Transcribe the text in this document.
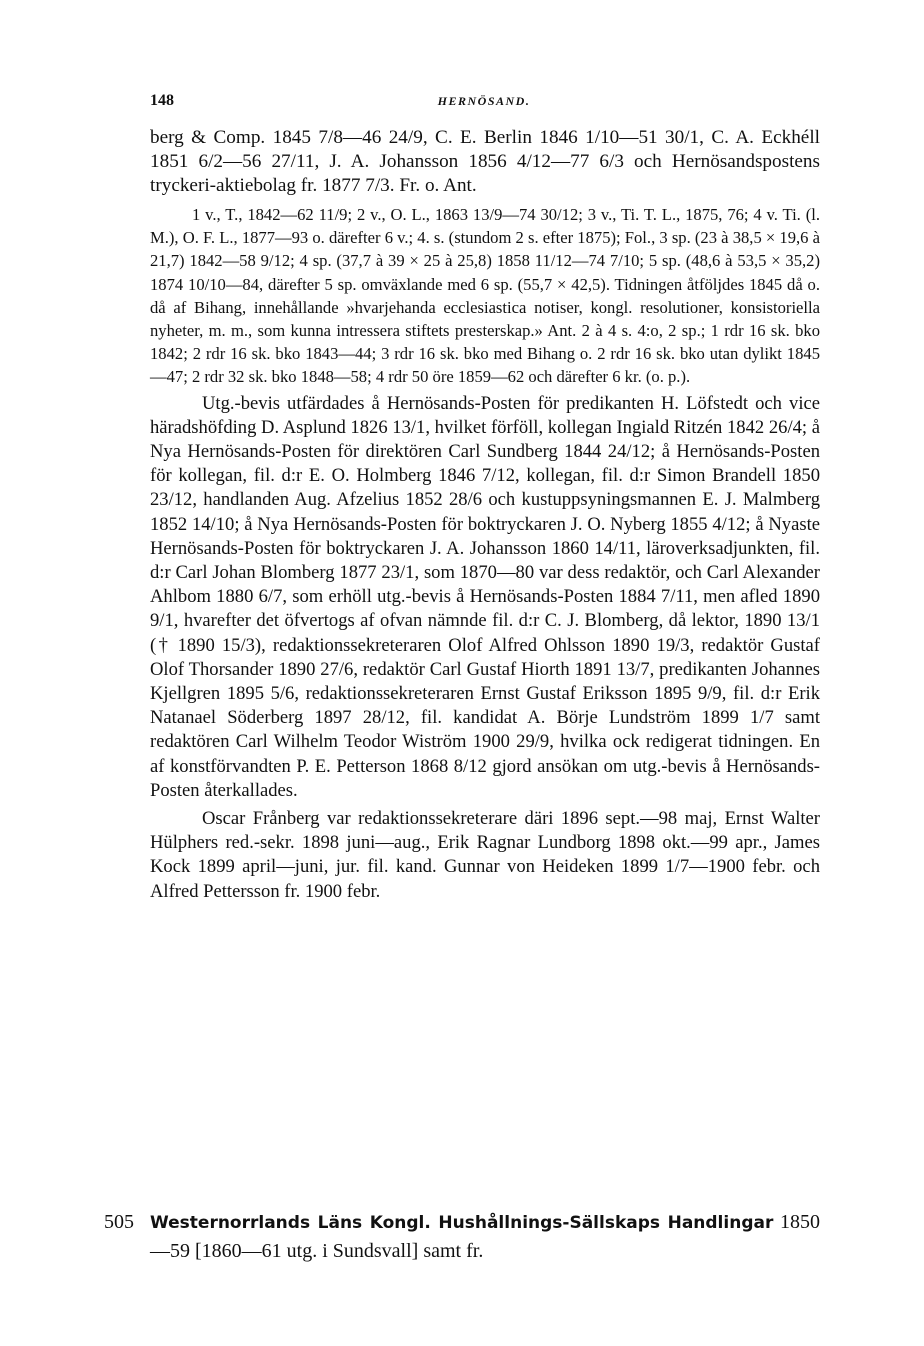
148	HERNÖSAND.

berg & Comp. 1845 7/8—46 24/9, C. E. Berlin 1846 1/10—51 30/1, C. A. Eckhéll 1851 6/2—56 27/11, J. A. Johansson 1856 4/12—77 6/3 och Hernösandspostens tryckeri-aktiebolag fr. 1877 7/3. Fr. o. Ant.

1 v., T., 1842—62 11/9; 2 v., O. L., 1863 13/9—74 30/12; 3 v., Ti. T. L., 1875, 76; 4 v. Ti. (l. M.), O. F. L., 1877—93 o. därefter 6 v.; 4. s. (stundom 2 s. efter 1875); Fol., 3 sp. (23 à 38,5 × 19,6 à 21,7) 1842—58 9/12; 4 sp. (37,7 à 39 × 25 à 25,8) 1858 11/12—74 7/10; 5 sp. (48,6 à 53,5 × 35,2) 1874 10/10—84, därefter 5 sp. omväxlande med 6 sp. (55,7 × 42,5). Tidningen åtföljdes 1845 då o. då af Bihang, innehållande »hvarjehanda ecclesiastica notiser, kongl. resolutioner, konsistoriella nyheter, m. m., som kunna intressera stiftets presterskap.» Ant. 2 à 4 s. 4:o, 2 sp.; 1 rdr 16 sk. bko 1842; 2 rdr 16 sk. bko 1843—44; 3 rdr 16 sk. bko med Bihang o. 2 rdr 16 sk. bko utan dylikt 1845—47; 2 rdr 32 sk. bko 1848—58; 4 rdr 50 öre 1859—62 och därefter 6 kr. (o. p.).

Utg.-bevis utfärdades å Hernösands-Posten för predikanten H. Löfstedt och vice häradshöfding D. Asplund 1826 13/1, hvilket förföll, kollegan Ingiald Ritzén 1842 26/4; å Nya Hernösands-Posten för direktören Carl Sundberg 1844 24/12; å Hernösands-Posten för kollegan, fil. d:r E. O. Holmberg 1846 7/12, kollegan, fil. d:r Simon Brandell 1850 23/12, handlanden Aug. Afzelius 1852 28/6 och kustuppsyningsmannen E. J. Malmberg 1852 14/10; å Nya Hernösands-Posten för boktryckaren J. O. Nyberg 1855 4/12; å Nyaste Hernösands-Posten för boktryckaren J. A. Johansson 1860 14/11, läroverksadjunkten, fil. d:r Carl Johan Blomberg 1877 23/1, som 1870—80 var dess redaktör, och Carl Alexander Ahlbom 1880 6/7, som erhöll utg.-bevis å Hernösands-Posten 1884 7/11, men afled 1890 9/1, hvarefter det öfvertogs af ofvan nämnde fil. d:r C. J. Blomberg, då lektor, 1890 13/1 († 1890 15/3), redaktionssekreteraren Olof Alfred Ohlsson 1890 19/3, redaktör Gustaf Olof Thorsander 1890 27/6, redaktör Carl Gustaf Hiorth 1891 13/7, predikanten Johannes Kjellgren 1895 5/6, redaktionssekreteraren Ernst Gustaf Eriksson 1895 9/9, fil. d:r Erik Natanael Söderberg 1897 28/12, fil. kandidat A. Börje Lundström 1899 1/7 samt redaktören Carl Wilhelm Teodor Wiström 1900 29/9, hvilka ock redigerat tidningen. En af konstförvandten P. E. Petterson 1868 8/12 gjord ansökan om utg.-bevis å Hernösands-Posten återkallades.

Oscar Frånberg var redaktionssekreterare däri 1896 sept.—98 maj, Ernst Walter Hülphers red.-sekr. 1898 juni—aug., Erik Ragnar Lundborg 1898 okt.—99 apr., James Kock 1899 april—juni, jur. fil. kand. Gunnar von Heideken 1899 1/7—1900 febr. och Alfred Pettersson fr. 1900 febr.

505 Westernorrlands Läns Kongl. Hushållnings-Sällskaps Handlingar 1850—59 [1860—61 utg. i Sundsvall] samt fr.
